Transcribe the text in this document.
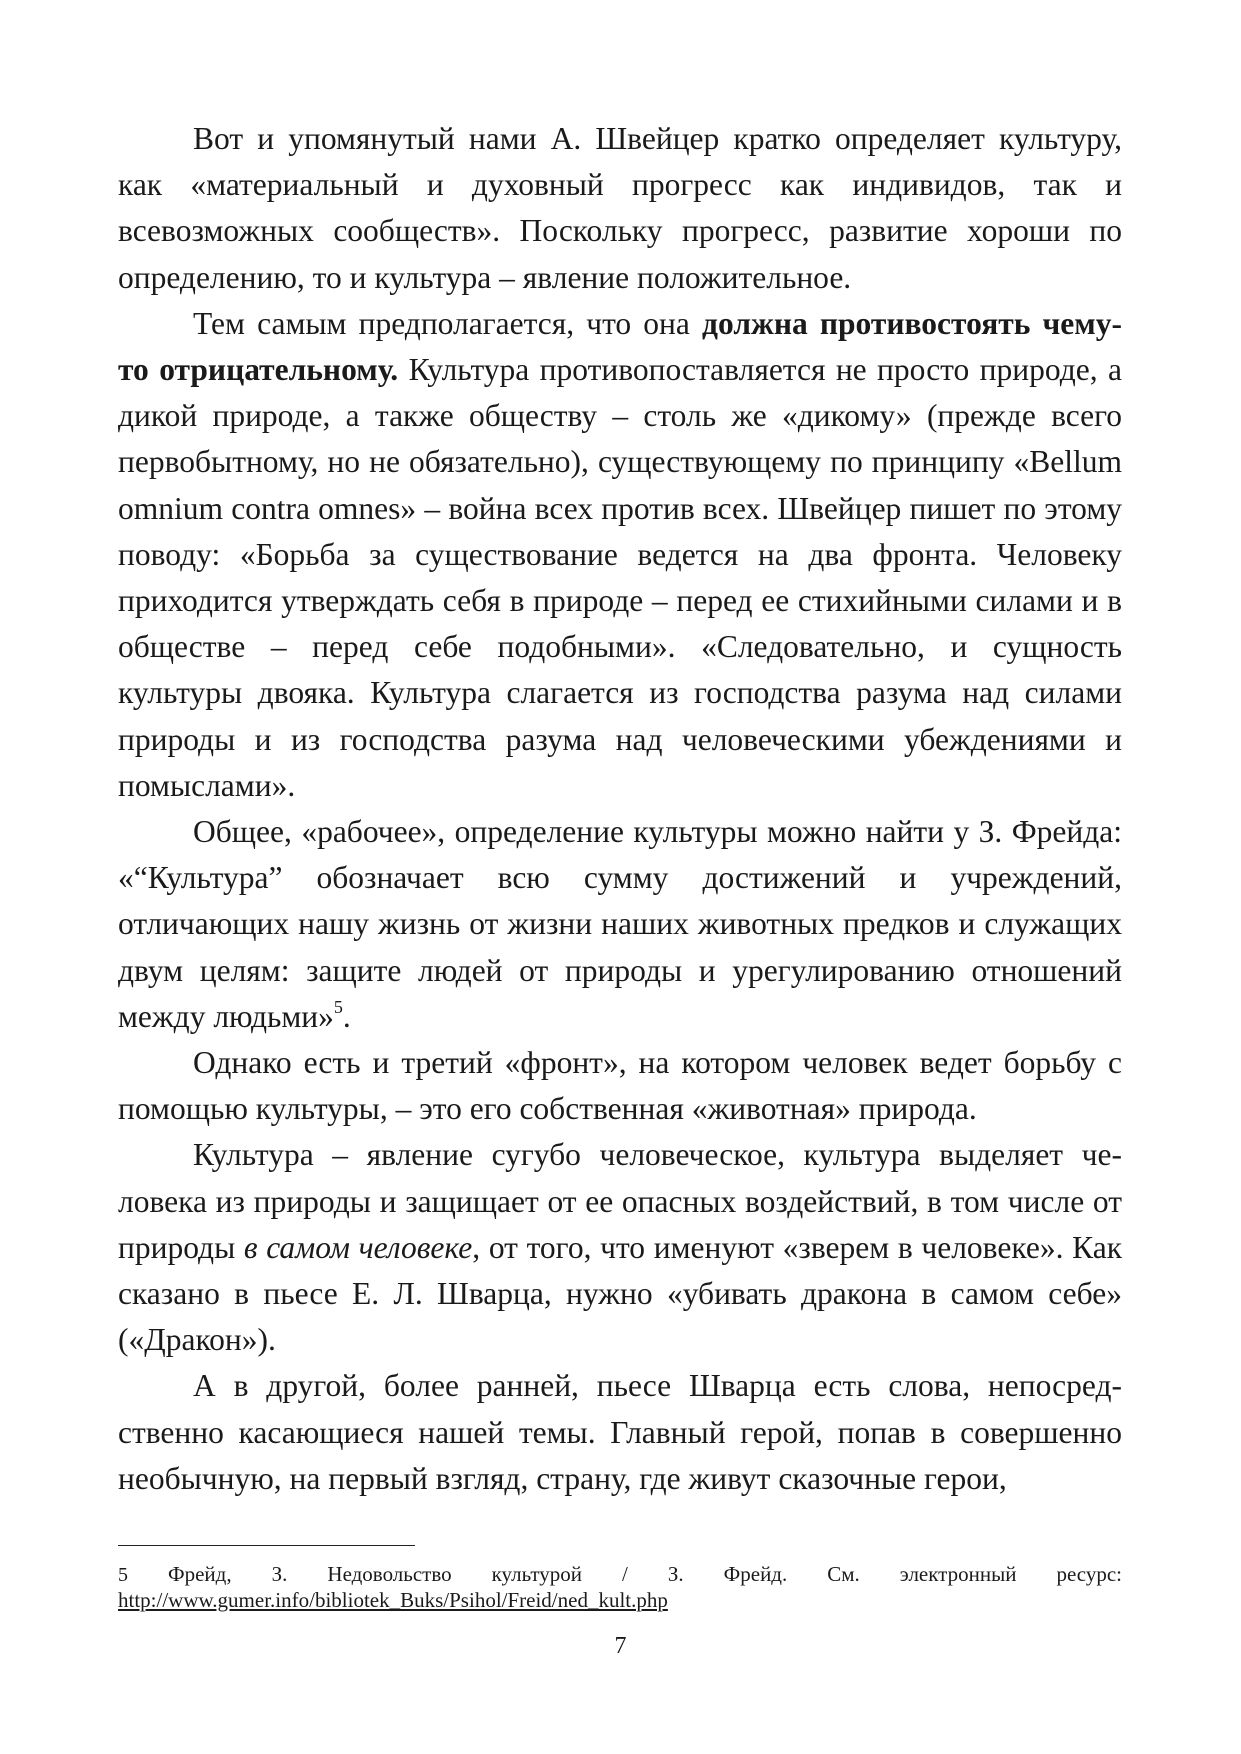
Вот и упомянутый нами А. Швейцер кратко определяет культуру, как «материальный и духовный прогресс как индивидов, так и всевозможных сообществ». Поскольку прогресс, развитие хороши по определению, то и культура – явление положительное.

Тем самым предполагается, что она должна противостоять чему-то отрицательному. Культура противопоставляется не просто природе, а дикой природе, а также обществу – столь же «дикому» (прежде всего первобытному, но не обязательно), существующему по принципу «Bellum omnium contra omnes» – война всех против всех. Швейцер пишет по этому поводу: «Борьба за существование ведется на два фронта. Человеку приходится утверждать себя в природе – перед ее стихийными силами и в обществе – перед себе подобными». «Следовательно, и сущность культуры двояка. Культура слагается из господства разума над силами природы и из господства разума над человеческими убеждениями и помыслами».

Общее, «рабочее», определение культуры можно найти у З. Фрейда: «“Культура” обозначает всю сумму достижений и учреждений, отличающих нашу жизнь от жизни наших животных предков и служащих двум целям: защите людей от природы и урегулированию отношений между людьми»$^5$.

Однако есть и третий «фронт», на котором человек ведет борьбу с помощью культуры, – это его собственная «животная» природа.

Культура – явление сугубо человеческое, культура выделяет человека из природы и защищает от ее опасных воздействий, в том числе от природы в самом человеке, от того, что именуют «зверем в человеке». Как сказано в пьесе Е. Л. Шварца, нужно «убивать дракона в самом себе» («Дракон»).

А в другой, более ранней, пьесе Шварца есть слова, непосредственно касающиеся нашей темы. Главный герой, попав в совершенно необычную, на первый взгляд, страну, где живут сказочные герои,

5 Фрейд, З. Недовольство культурой / З. Фрейд. См. электронный ресурс:
http://www.gumer.info/bibliotek_Buks/Psihol/Freid/ned_kult.php
7
